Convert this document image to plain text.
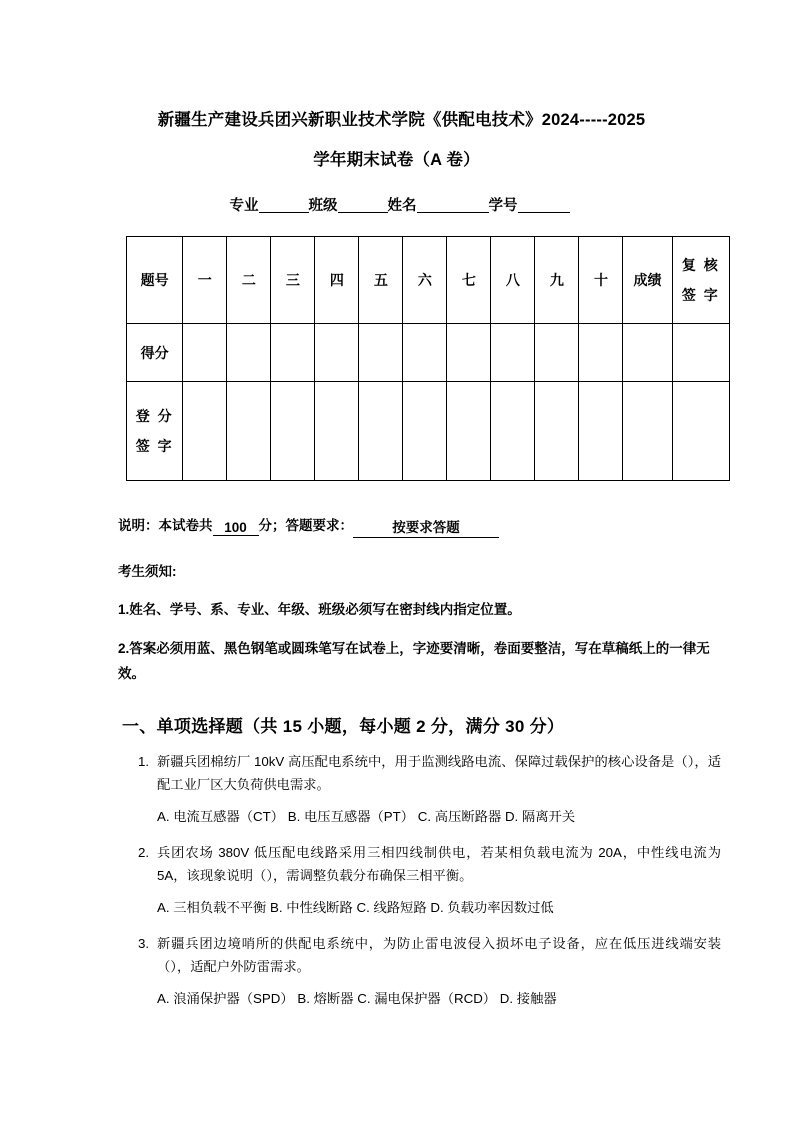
新疆生产建设兵团兴新职业技术学院《供配电技术》2024-----2025
学年期末试卷（A 卷）
专业	班级	姓名	学号
题号	一	二	三	四	五	六	七	八	九	十	成绩	复 核
签 字

得分												

登 分
签 字												

说明：本试卷共 100 分；答题要求：	按要求答题
考生须知:
1.姓名、学号、系、专业、年级、班级必须写在密封线内指定位置。
2.答案必须用蓝、黑色钢笔或圆珠笔写在试卷上，字迹要清晰，卷面要整洁，写在草稿纸上的一律无效。
一、单项选择题（共 15 小题，每小题 2 分，满分 30 分）
1. 新疆兵团棉纺厂 10kV 高压配电系统中，用于监测线路电流、保障过载保护的核心设备是（），适配工业厂区大负荷供电需求。
A. 电流互感器（CT） B. 电压互感器（PT） C. 高压断路器 D. 隔离开关
2. 兵团农场 380V 低压配电线路采用三相四线制供电，若某相负载电流为 20A，中性线电流为 5A，该现象说明（），需调整负载分布确保三相平衡。
A. 三相负载不平衡 B. 中性线断路 C. 线路短路 D. 负载功率因数过低
3. 新疆兵团边境哨所的供配电系统中，为防止雷电波侵入损坏电子设备，应在低压进线端安装（），适配户外防雷需求。
A. 浪涌保护器（SPD） B. 熔断器 C. 漏电保护器（RCD） D. 接触器
